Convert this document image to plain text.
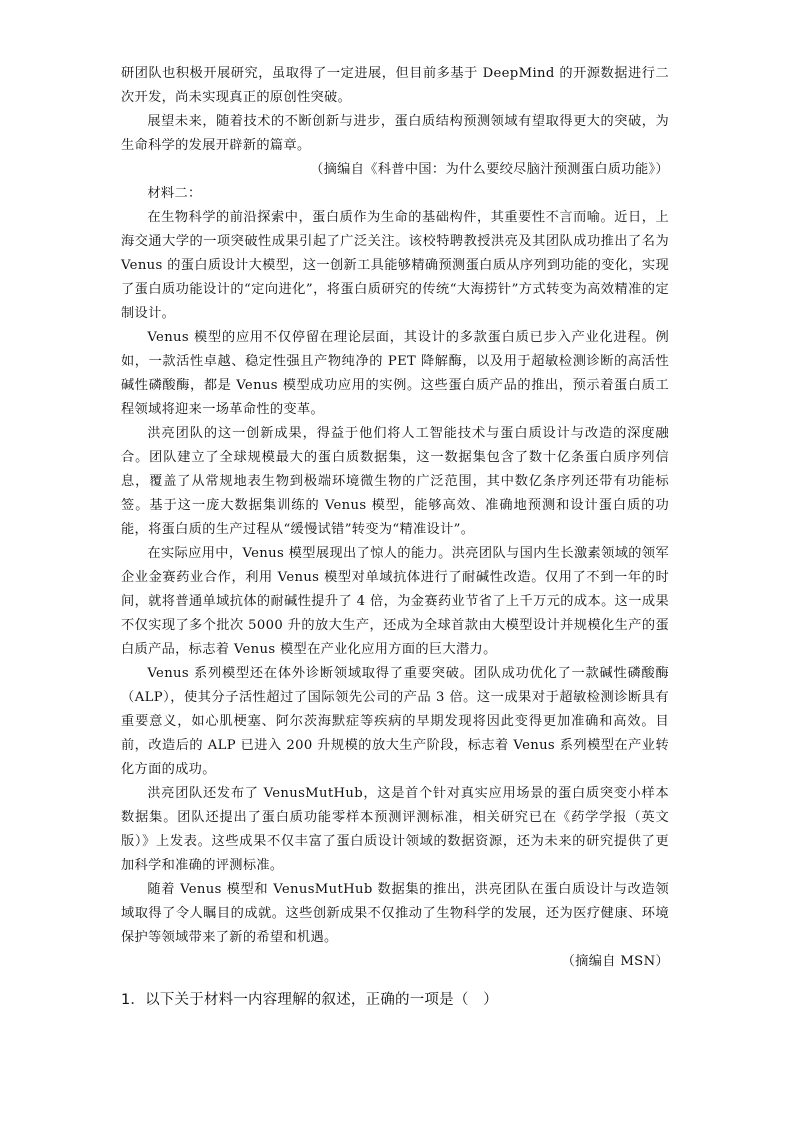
研团队也积极开展研究，虽取得了一定进展，但目前多基于 DeepMind 的开源数据进行二次开发，尚未实现真正的原创性突破。

展望未来，随着技术的不断创新与进步，蛋白质结构预测领域有望取得更大的突破，为生命科学的发展开辟新的篇章。

（摘编自《科普中国：为什么要绞尽脑汁预测蛋白质功能》）

材料二：

在生物科学的前沿探索中，蛋白质作为生命的基础构件，其重要性不言而喻。近日，上海交通大学的一项突破性成果引起了广泛关注。该校特聘教授洪亮及其团队成功推出了名为 Venus 的蛋白质设计大模型，这一创新工具能够精确预测蛋白质从序列到功能的变化，实现了蛋白质功能设计的“定向进化”，将蛋白质研究的传统“大海捞针”方式转变为高效精准的定制设计。

Venus 模型的应用不仅停留在理论层面，其设计的多款蛋白质已步入产业化进程。例如，一款活性卓越、稳定性强且产物纯净的 PET 降解酶，以及用于超敏检测诊断的高活性碱性磷酸酶，都是 Venus 模型成功应用的实例。这些蛋白质产品的推出，预示着蛋白质工程领域将迎来一场革命性的变革。

洪亮团队的这一创新成果，得益于他们将人工智能技术与蛋白质设计与改造的深度融合。团队建立了全球规模最大的蛋白质数据集，这一数据集包含了数十亿条蛋白质序列信息，覆盖了从常规地表生物到极端环境微生物的广泛范围，其中数亿条序列还带有功能标签。基于这一庞大数据集训练的 Venus 模型，能够高效、准确地预测和设计蛋白质的功能，将蛋白质的生产过程从“缓慢试错”转变为“精准设计”。

在实际应用中，Venus 模型展现出了惊人的能力。洪亮团队与国内生长激素领域的领军企业金赛药业合作，利用 Venus 模型对单域抗体进行了耐碱性改造。仅用了不到一年的时间，就将普通单域抗体的耐碱性提升了 4 倍，为金赛药业节省了上千万元的成本。这一成果不仅实现了多个批次 5000 升的放大生产，还成为全球首款由大模型设计并规模化生产的蛋白质产品，标志着 Venus 模型在产业化应用方面的巨大潜力。

Venus 系列模型还在体外诊断领域取得了重要突破。团队成功优化了一款碱性磷酸酶（ALP），使其分子活性超过了国际领先公司的产品 3 倍。这一成果对于超敏检测诊断具有重要意义，如心肌梗塞、阿尔茨海默症等疾病的早期发现将因此变得更加准确和高效。目前，改造后的 ALP 已进入 200 升规模的放大生产阶段，标志着 Venus 系列模型在产业转化方面的成功。

洪亮团队还发布了 VenusMutHub，这是首个针对真实应用场景的蛋白质突变小样本数据集。团队还提出了蛋白质功能零样本预测评测标准，相关研究已在《药学学报（英文版）》上发表。这些成果不仅丰富了蛋白质设计领域的数据资源，还为未来的研究提供了更加科学和准确的评测标准。

随着 Venus 模型和 VenusMutHub 数据集的推出，洪亮团队在蛋白质设计与改造领域取得了令人瞩目的成就。这些创新成果不仅推动了生物科学的发展，还为医疗健康、环境保护等领域带来了新的希望和机遇。

（摘编自 MSN）

1．以下关于材料一内容理解的叙述，正确的一项是（　）
